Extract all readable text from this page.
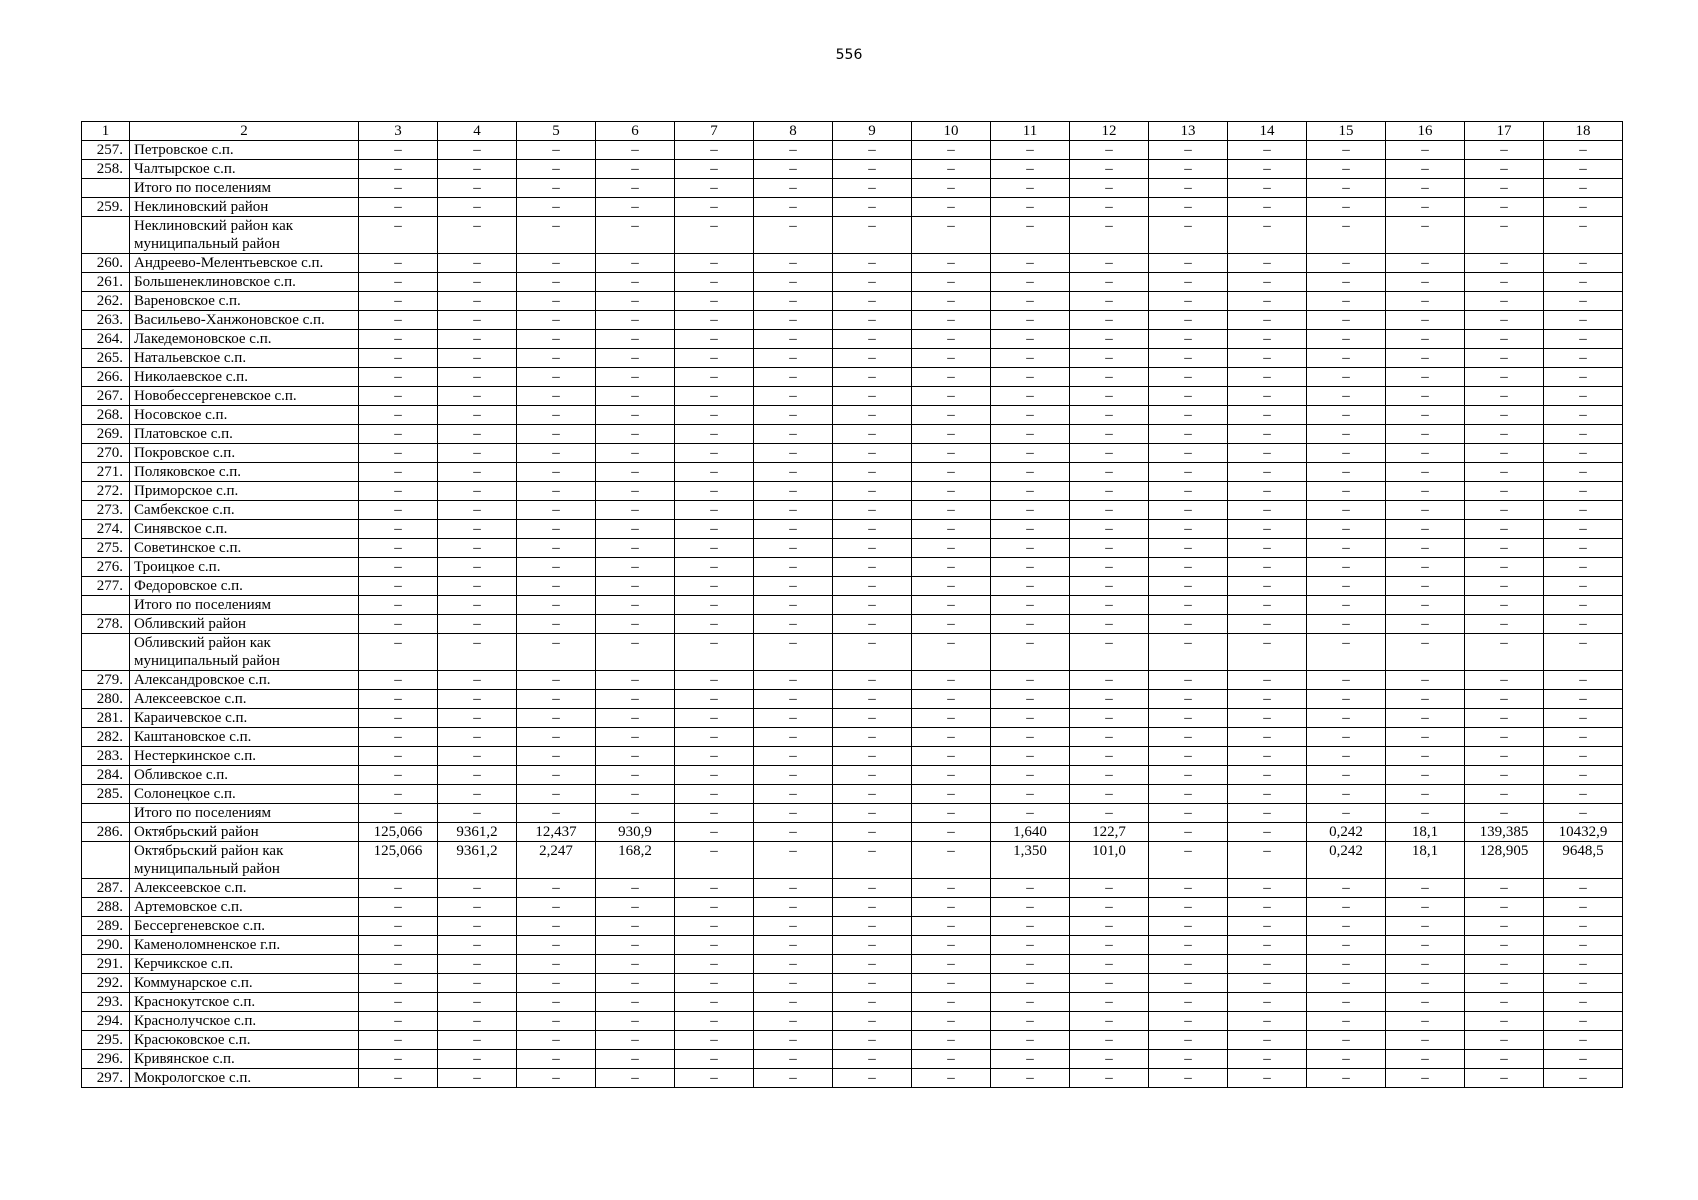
556
1	2	3	4	5	6	7	8	9	10	11	12	13	14	15	16	17	18
257.	Петровское с.п.	–	–	–	–	–	–	–	–	–	–	–	–	–	–	–	–
258.	Чалтырское с.п.	–	–	–	–	–	–	–	–	–	–	–	–	–	–	–	–
	Итого по поселениям	–	–	–	–	–	–	–	–	–	–	–	–	–	–	–	–
259.	Неклиновский район	–	–	–	–	–	–	–	–	–	–	–	–	–	–	–	–
	Неклиновский район как муниципальный район	–	–	–	–	–	–	–	–	–	–	–	–	–	–	–	–
260.	Андреево-Мелентьевское с.п.	–	–	–	–	–	–	–	–	–	–	–	–	–	–	–	–
261.	Большенеклиновское с.п.	–	–	–	–	–	–	–	–	–	–	–	–	–	–	–	–
262.	Вареновское с.п.	–	–	–	–	–	–	–	–	–	–	–	–	–	–	–	–
263.	Васильево-Ханжоновское с.п.	–	–	–	–	–	–	–	–	–	–	–	–	–	–	–	–
264.	Лакедемоновское с.п.	–	–	–	–	–	–	–	–	–	–	–	–	–	–	–	–
265.	Натальевское с.п.	–	–	–	–	–	–	–	–	–	–	–	–	–	–	–	–
266.	Николаевское с.п.	–	–	–	–	–	–	–	–	–	–	–	–	–	–	–	–
267.	Новобессергеневское с.п.	–	–	–	–	–	–	–	–	–	–	–	–	–	–	–	–
268.	Носовское с.п.	–	–	–	–	–	–	–	–	–	–	–	–	–	–	–	–
269.	Платовское с.п.	–	–	–	–	–	–	–	–	–	–	–	–	–	–	–	–
270.	Покровское с.п.	–	–	–	–	–	–	–	–	–	–	–	–	–	–	–	–
271.	Поляковское с.п.	–	–	–	–	–	–	–	–	–	–	–	–	–	–	–	–
272.	Приморское с.п.	–	–	–	–	–	–	–	–	–	–	–	–	–	–	–	–
273.	Самбекское с.п.	–	–	–	–	–	–	–	–	–	–	–	–	–	–	–	–
274.	Синявское с.п.	–	–	–	–	–	–	–	–	–	–	–	–	–	–	–	–
275.	Советинское с.п.	–	–	–	–	–	–	–	–	–	–	–	–	–	–	–	–
276.	Троицкое с.п.	–	–	–	–	–	–	–	–	–	–	–	–	–	–	–	–
277.	Федоровское с.п.	–	–	–	–	–	–	–	–	–	–	–	–	–	–	–	–
	Итого по поселениям	–	–	–	–	–	–	–	–	–	–	–	–	–	–	–	–
278.	Обливский район	–	–	–	–	–	–	–	–	–	–	–	–	–	–	–	–
	Обливский район как муниципальный район	–	–	–	–	–	–	–	–	–	–	–	–	–	–	–	–
279.	Александровское с.п.	–	–	–	–	–	–	–	–	–	–	–	–	–	–	–	–
280.	Алексеевское с.п.	–	–	–	–	–	–	–	–	–	–	–	–	–	–	–	–
281.	Караичевское с.п.	–	–	–	–	–	–	–	–	–	–	–	–	–	–	–	–
282.	Каштановское с.п.	–	–	–	–	–	–	–	–	–	–	–	–	–	–	–	–
283.	Нестеркинское с.п.	–	–	–	–	–	–	–	–	–	–	–	–	–	–	–	–
284.	Обливское с.п.	–	–	–	–	–	–	–	–	–	–	–	–	–	–	–	–
285.	Солонецкое с.п.	–	–	–	–	–	–	–	–	–	–	–	–	–	–	–	–
	Итого по поселениям	–	–	–	–	–	–	–	–	–	–	–	–	–	–	–	–
286.	Октябрьский район	125,066	9361,2	12,437	930,9	–	–	–	–	1,640	122,7	–	–	0,242	18,1	139,385	10432,9
	Октябрьский район как муниципальный район	125,066	9361,2	2,247	168,2	–	–	–	–	1,350	101,0	–	–	0,242	18,1	128,905	9648,5
287.	Алексеевское с.п.	–	–	–	–	–	–	–	–	–	–	–	–	–	–	–	–
288.	Артемовское с.п.	–	–	–	–	–	–	–	–	–	–	–	–	–	–	–	–
289.	Бессергеневское с.п.	–	–	–	–	–	–	–	–	–	–	–	–	–	–	–	–
290.	Каменоломненское г.п.	–	–	–	–	–	–	–	–	–	–	–	–	–	–	–	–
291.	Керчикское с.п.	–	–	–	–	–	–	–	–	–	–	–	–	–	–	–	–
292.	Коммунарское с.п.	–	–	–	–	–	–	–	–	–	–	–	–	–	–	–	–
293.	Краснокутское с.п.	–	–	–	–	–	–	–	–	–	–	–	–	–	–	–	–
294.	Краснолучское с.п.	–	–	–	–	–	–	–	–	–	–	–	–	–	–	–	–
295.	Красюковское с.п.	–	–	–	–	–	–	–	–	–	–	–	–	–	–	–	–
296.	Кривянское с.п.	–	–	–	–	–	–	–	–	–	–	–	–	–	–	–	–
297.	Мокрологское с.п.	–	–	–	–	–	–	–	–	–	–	–	–	–	–	–	–
